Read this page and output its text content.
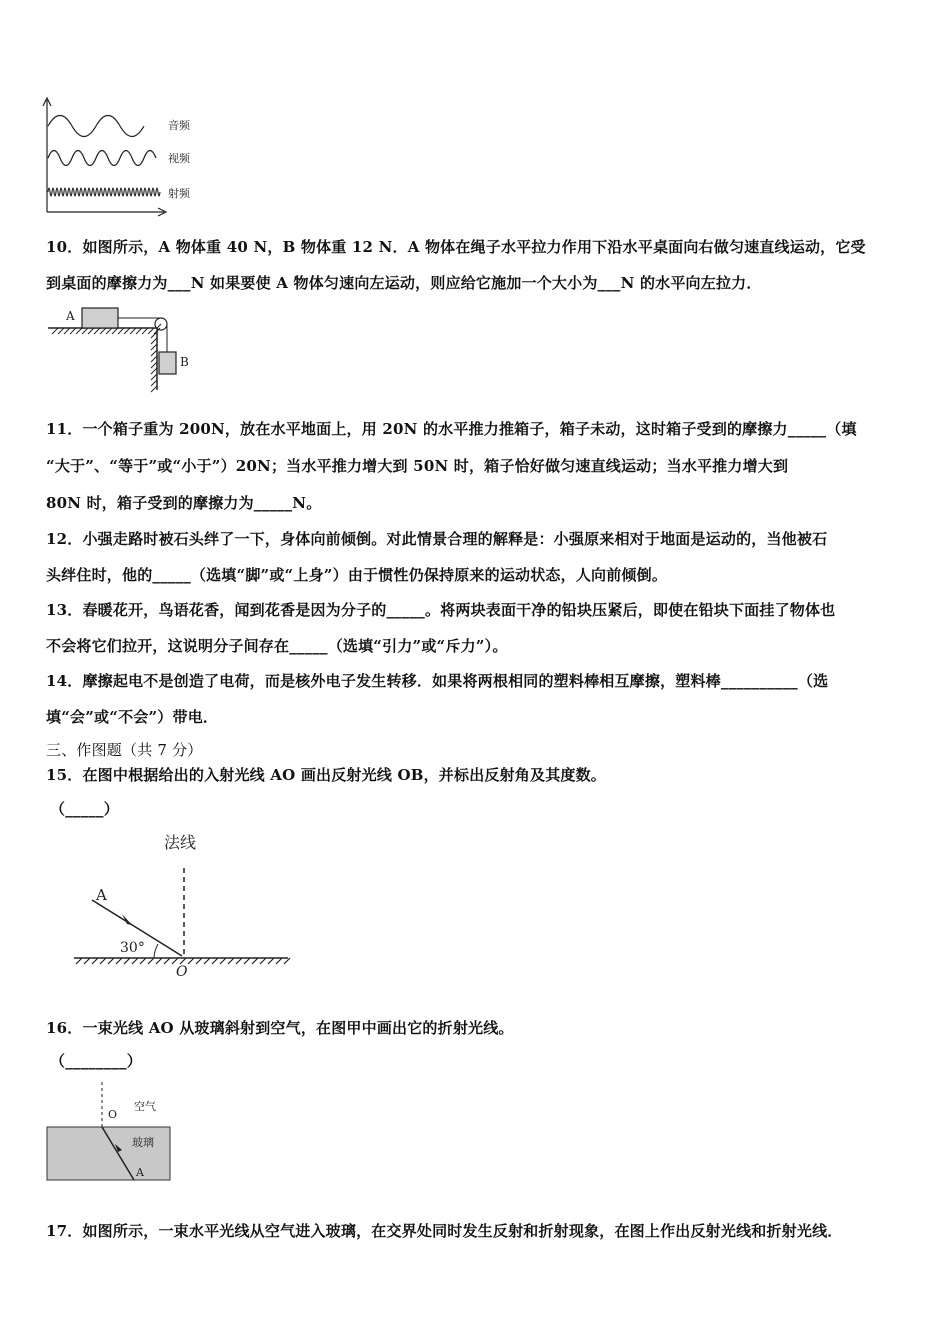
音频
视频
射频
10．如图所示，A 物体重 40 N，B 物体重 12 N．A 物体在绳子水平拉力作用下沿水平桌面向右做匀速直线运动，它受
到桌面的摩擦力为___N 如果要使 A 物体匀速向左运动，则应给它施加一个大小为___N 的水平向左拉力．
A
B
11．一个箱子重为 200N，放在水平地面上，用 20N 的水平推力推箱子，箱子未动，这时箱子受到的摩擦力_____（填
“大于”、“等于”或“小于”）20N；当水平推力增大到 50N 时，箱子恰好做匀速直线运动；当水平推力增大到
80N 时，箱子受到的摩擦力为_____N。
12．小强走路时被石头绊了一下，身体向前倾倒。对此情景合理的解释是：小强原来相对于地面是运动的，当他被石
头绊住时，他的_____（选填“脚”或“上身”）由于惯性仍保持原来的运动状态，人向前倾倒。
13．春暖花开，鸟语花香，闻到花香是因为分子的_____。将两块表面干净的铅块压紧后，即使在铅块下面挂了物体也
不会将它们拉开，这说明分子间存在_____（选填“引力”或“斥力”）。
14．摩擦起电不是创造了电荷，而是核外电子发生转移．如果将两根相同的塑料棒相互摩擦，塑料棒__________（选
填“会”或“不会”）带电．
三、作图题（共 7 分）
15．在图中根据给出的入射光线 AO 画出反射光线 OB，并标出反射角及其度数。
（_____）
法线
A
30°
O
16．一束光线 AO 从玻璃斜射到空气，在图甲中画出它的折射光线。
（________）
O
空气
玻璃
A
17．如图所示，一束水平光线从空气进入玻璃，在交界处同时发生反射和折射现象，在图上作出反射光线和折射光线．
